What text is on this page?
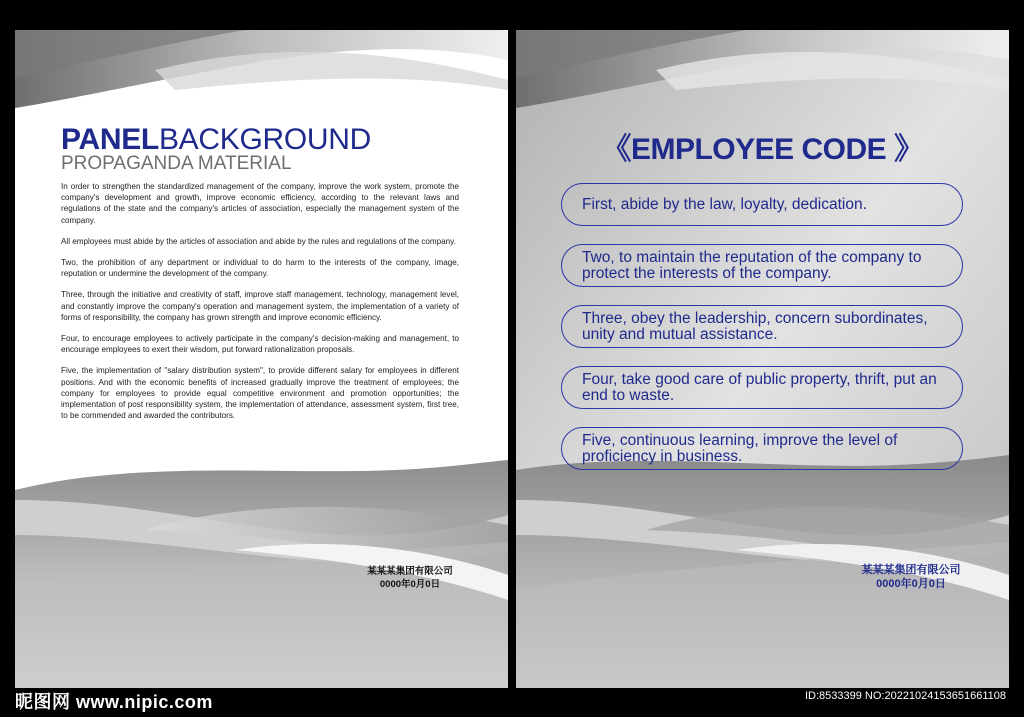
PANELBACKGROUND
PROPAGANDA MATERIAL

In order to strengthen the standardized management of the company, improve the work system, promote the company's development and growth, improve economic efficiency, according to the relevant laws and regulations of the state and the company's articles of association, especially the management system of the company.

All employees must abide by the articles of association and abide by the rules and regulations of the company.

Two, the prohibition of any department or individual to do harm to the interests of the company, image, reputation or undermine the development of the company.

Three, through the initiative and creativity of staff, improve staff management, technology, management level, and constantly improve the company's operation and management system, the implementation of a variety of forms of responsibility, the company has grown strength and improve economic efficiency.

Four, to encourage employees to actively participate in the company's decision-making and management, to encourage employees to exert their wisdom, put forward rationalization proposals.

Five, the implementation of "salary distribution system", to provide different salary for employees in different positions. And with the economic benefits of increased gradually improve the treatment of employees; the company for employees to provide equal competitive environment and promotion opportunities; the implementation of post responsibility system, the implementation of attendance, assessment system, first tree, to be commended and awarded the contributors.

某某某集团有限公司
0000年0月0日
《EMPLOYEE CODE 》
First, abide by the law, loyalty, dedication.
Two, to maintain the reputation of the company to protect the interests of the company.
Three, obey the leadership, concern subordinates, unity and mutual assistance.
Four, take good care of public property, thrift, put an end to waste.
Five, continuous learning, improve the level of proficiency in business.
某某某集团有限公司
0000年0月0日
昵图网 www.nipic.com	ID:8533399 NO:20221024153651661108
